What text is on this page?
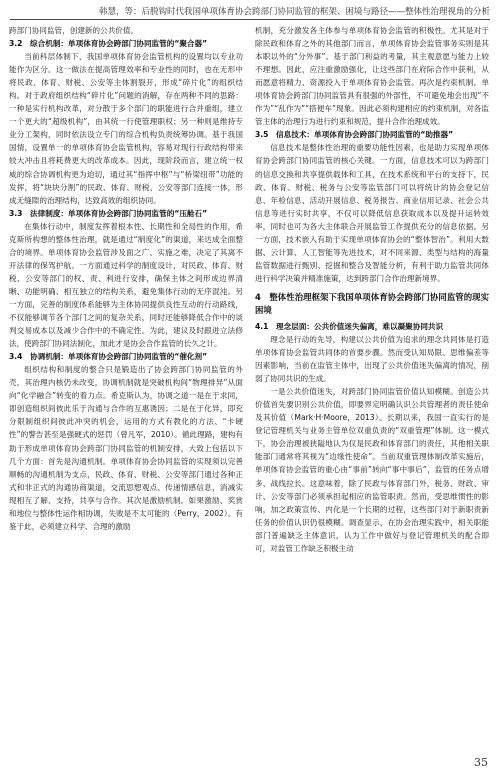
韩慧，等：后脱钩时代我国单项体育协会跨部门协同监管的框架、困境与路径——整体性治理视角的分析

跨部门协同监管，创建新的公共价值。

3.2　综合机制：单项体育协会跨部门协同监管的“聚合器”

当前科层体制下，我国单项体育协会监管机构的设置均以专业功能作为区分。这一做法在提高管理效率和专业性的同时，也在无形中将民政、体育、财税、公安等主体割裂开，形成“碎片化”的组织结构。对于政府组织结构“碎片化”问题的消解，存在两种不同的思路：一种是实行机构改革，对分散于多个部门的职能进行合并重组，建立一个更大的“超级机构”，由其统一行使管理职权；另一种则是维持专业分工架构，同时依法设立专门的综合机构负责统筹协调。基于我国国情，设置单一的单项体育协会监管机构，容易对现行行政结构带来较大冲击且将耗费更大的改革成本。因此，现阶段而言，建立统一权威的综合协调机构更为迫切，通过其“指挥中枢”与“桥梁纽带”功能的发挥，将“块块分割”的民政、体育、财税、公安等部门连接一体，形成无缝隙的治理结构，达致高效的组织协同。

3.3　法律制度：单项体育协会跨部门协同监管的“压舱石”

在集体行动中，制度发挥着根本性、长期性和全局性的作用，希克斯所构想的整体性治理，就是通过“制度化”的渠道，来达成全面整合的境界。单项体育协会监管涉及面之广、实施之难，决定了其离不开法律的保驾护航。一方面通过科学的制度设计，对民政、体育、财税、公安等部门的权、责、利进行安排，确保主体之间形成边界清晰、功能明确、相互独立的结构关系，避免集体行动的无序混沌。另一方面，完善的制度体系能够为主体协同提供良性互动的行动路线，不仅能够调节各个部门之间的复杂关系，同时还能够降低合作中的谈判交易成本以及减少合作中的不确定性。为此，建议及时跟进立法修法，使跨部门协同法制化，加此才是协会合作监管的长久之计。

3.4　协调机制：单项体育协会跨部门协同监管的“催化剂”

组织结构和制度的整合只是锻造出了协会跨部门协同监管的外壳，其治理内核仍未改变，协调机制就是突破机构间“物理排异”从面向“化学融合”转变的着力点。希克斯认为，协调之道一是在于求同，即创造组织间彼此乐于沟通与合作的互惠诱因；二是在于化异，即充分限制组织间彼此冲突的机会，运用的方式有教化的方法、“卡硬性”的警告甚至是强硬式的惩罚（曾凡军，2010）。循此理路，建构有助于形成单项体育协会跨部门协同监管的机制安排，大致上包括以下几个方面：首先是沟通机制。单项体育协会协同监管的实现须以完善顺畅的沟通机制为支点，民政、体育、财税、公安等部门通过各种正式和非正式的沟通协商渠道，交流思想观点、传递情感信息，消减实现相互了解、支持，共享与合作。其次是激励机制。如果激励、奖赏和地位与整体性运作相协调，失败是不太可能的（Perry，2002）。有鉴于此，必须建立科学、合理的激励

机制，充分激发各主体参与单项体育协会监管的积极性。尤其是对于除民政和体育之外的其他部门而言，单项体育协会监管事务实则是其本职以外的“分外事”。基于部门利益的考量，其主观意愿与能力上较不理想。因此，应注重激励强化，让这些部门在府际合作中获利，从而愿意将精力、资源投入于单项体育协会监管。再次是约束机制。单项体育协会跨部门协同监管具有很强的外部性，不可避免地会出现“不作为”“乱作为”“搭便车”现象。因此必须构建相应的约束机制，对各监管主体的治理行为进行约束和规范，提升合作治理成效。

3.5　信息技术：单项体育协会跨部门协同监管的“助推器”

信息技术是整体性治理的重要功能性因素，也是助力实现单项体育协会跨部门协同监管的核心关键。一方面，信息技术可以为跨部门的信息交换和共享提供载体和工具，在技术系统和平台的支持下，民政、体育、财税、税务与公安等监管部门可以将统计的协会登记信息、年检信息、活动开展信息、税务报告、商业信用记录、社会公共信息等进行实时共享，不仅可以降低信息获取成本以及提升运转效率，同时也可为各大主体联合开展监管工作提供充分的信息依据。另一方面，技术嵌入有助于实现单项体育协会的“整体智治”。利用大数据、云计算、人工智能等先进技术，对不同来源、类型与结构的海量监管数据进行甄别、挖掘和整合及智能分析，有利于助力监管共同体进行科学决策并精准施策，达到跨部门合作治理新境界。

4　整体性治理框架下我国单项体育协会跨部门协同监管的现实困境
4.1　理念层面：公共价值迷失偏离，难以凝聚协同共识

理念是行动的先导，构建以公共价值为追求的理念共同体是打造单项体育协会监管共同体的首要步骤。然而受认知局限、思维偏差等因素影响，当前在监管主体中，出现了公共价值迷失偏离的情况，削弱了协同共识的生成。

一是公共价值迷失，对跨部门协同监管价值认知模糊。创造公共价值首先要识别公共价值，即要界定明确认识公共管理者的责任使命及其价值（Mark·H·Moore，2013）。长期以来，我国一直实行的是登记管理机关与业务主管单位双重负责的“双重管理”体制。这一模式下，协会治理被狭隘地认为仅是民政和体育部门的责任，其他相关职能部门通常将其视为“边缘性使命”。当前双重管理体制改革实施后，单项体育协会监管的重心由“事前”转向“事中事后”，监管的任务点增多、战线拉长。这意味着，除了民政与体育部门外，税务、财政、审计、公安等部门必须承担起相应的监管职责。然而，受思维惯性的影响，加之政策宣传、内化是一个长期的过程，这些部门对于新职责新任务的价值认识仍很模糊。调查显示，在协会治理实践中，相关职能部门普遍缺乏主体意识，认为工作中做好与登记管理机关的配合即可，对监管工作缺乏积极主动

35
